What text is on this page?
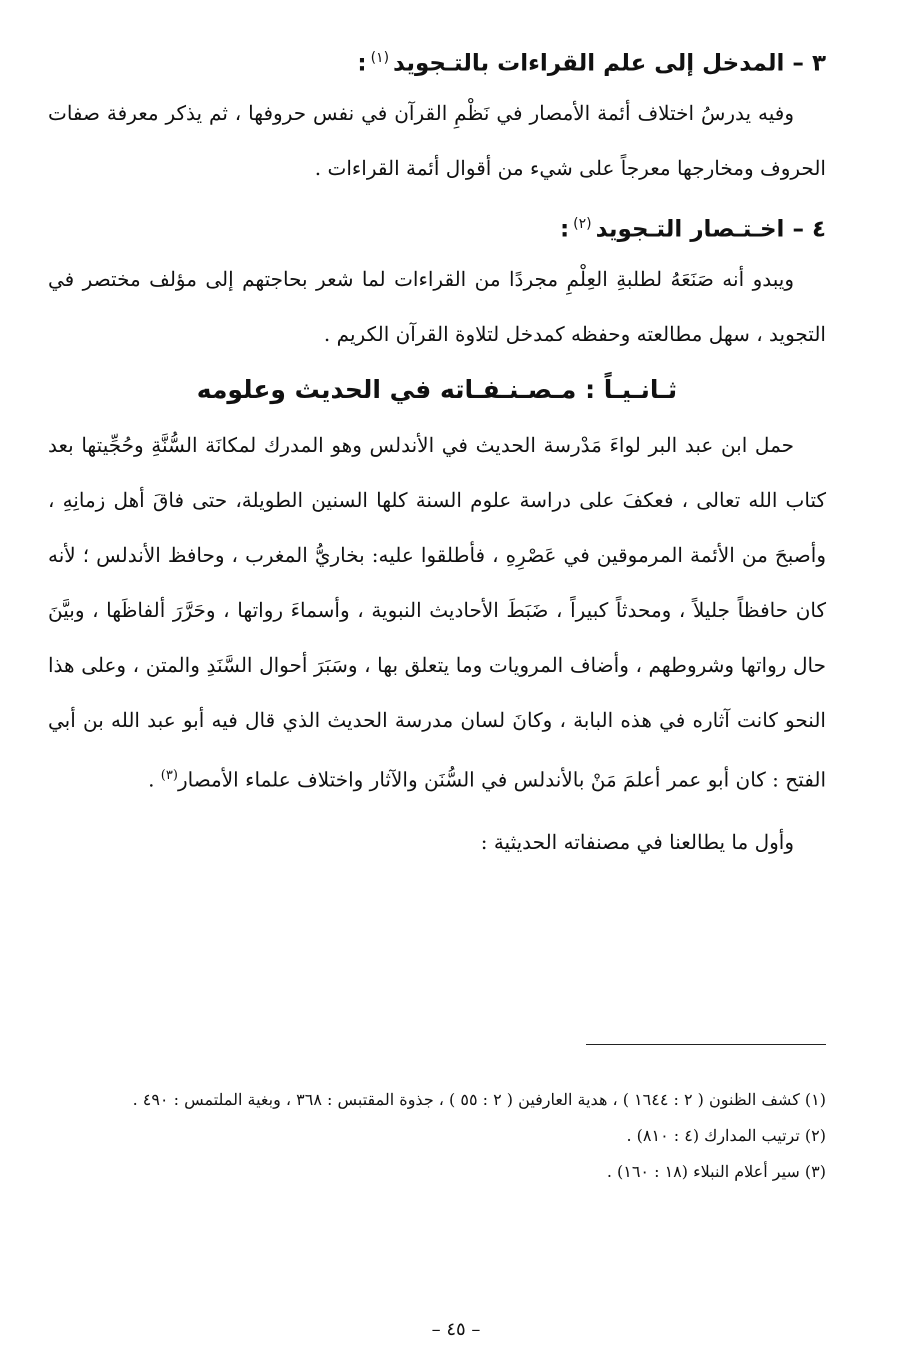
٣ – المدخل إلى علم القراءات بالتـجويد$^{(١)}$:

وفيه يدرسُ اختلاف أئمة الأمصار في نَظْمِ القرآن في نفس حروفها ، ثم يذكر معرفة صفات الحروف ومخارجها معرجاً على شيء من أقوال أئمة القراءات .

٤ – اخـتـصار التـجويد$^{(٢)}$:

ويبدو أنه صَنَعَهُ لطلبةِ العِلْمِ مجردًا من القراءات لما شعر بحاجتهم إلى مؤلف مختصر في التجويد ، سهل مطالعته وحفظه كمدخل لتلاوة القرآن الكريم .

ثـانـيـاً : مـصـنـفـاته في الحديث وعلومه

حمل ابن عبد البر لواءَ مَدْرسة الحديث في الأندلس وهو المدرك لمكانَة السُّنَّةِ وحُجِّيتها بعد كتاب الله تعالى ، فعكفَ على دراسة علوم السنة كلها السنين الطويلة، حتى فاقَ أهل زمانِهِ ، وأصبحَ من الأئمة المرموقين في عَصْرِهِ ، فأطلقوا عليه: بخاريُّ المغرب ، وحافظ الأندلس ؛ لأنه كان حافظاً جليلاً ، ومحدثاً كبيراً ، ضَبَطَ الأحاديث النبوية ، وأسماءَ رواتها ، وحَرَّرَ ألفاظَها ، وبيَّنَ حال رواتها وشروطهم ، وأضاف المرويات وما يتعلق بها ، وسَبَرَ أحوال السَّنَدِ والمتن ، وعلى هذا النحو كانت آثاره في هذه البابة ، وكانَ لسان مدرسة الحديث الذي قال فيه أبو عبد الله بن أبي الفتح : كان أبو عمر أعلمَ مَنْ بالأندلس في السُّنَن والآثار واختلاف علماء الأمصار$^{(٣)}$ .

وأول ما يطالعنا في مصنفاته الحديثية :

(١) كشف الظنون ( ٢ : ١٦٤٤ ) ، هدية العارفين ( ٢ : ٥٥ ) ، جذوة المقتبس : ٣٦٨ ، وبغية الملتمس : ٤٩٠ .

(٢) ترتيب المدارك (٤ : ٨١٠) .

(٣) سير أعلام النبلاء (١٨ : ١٦٠) .

– ٤٥ –
